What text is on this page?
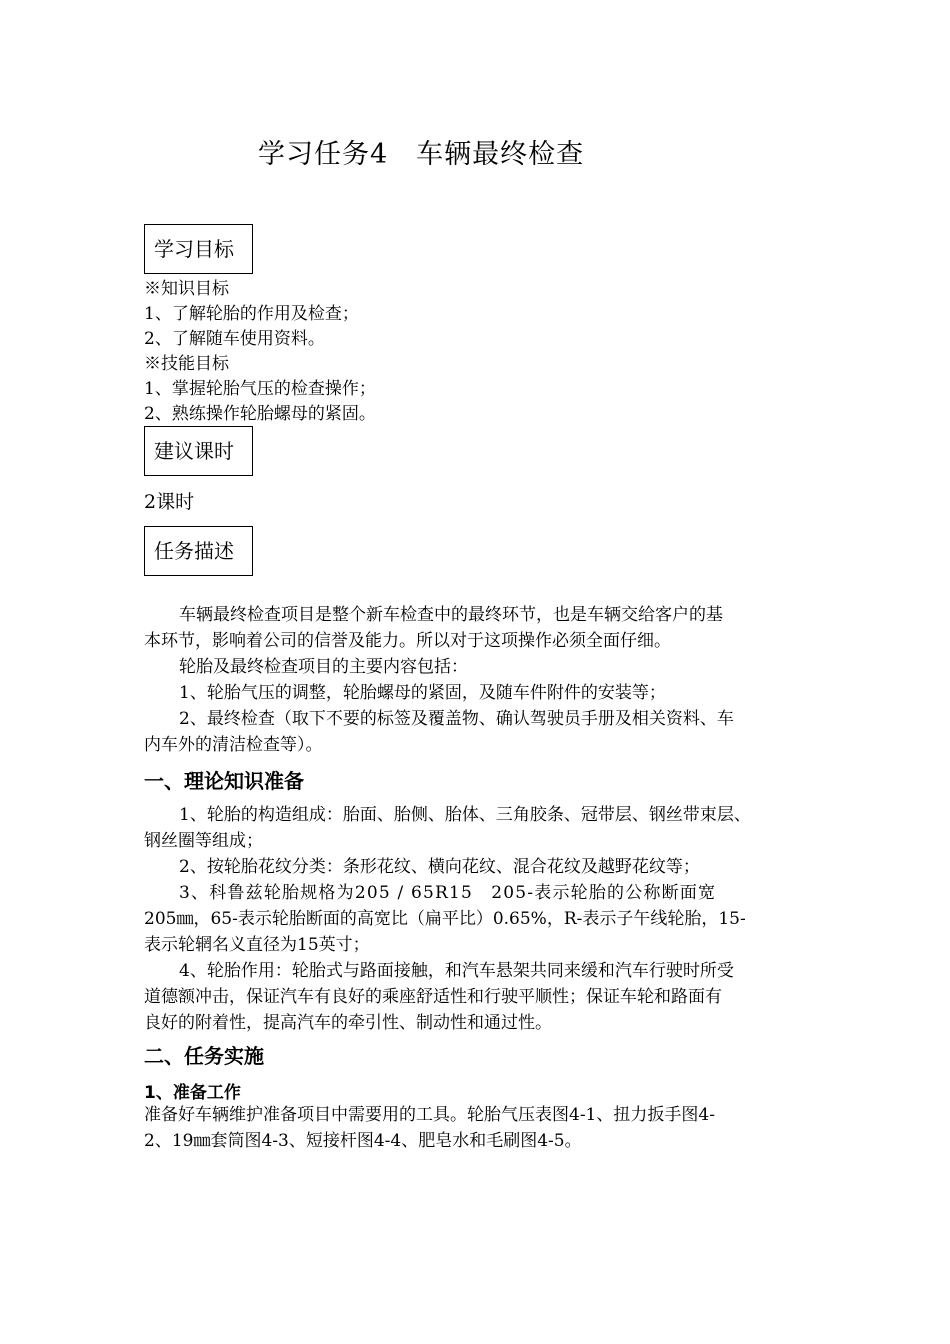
学习任务4　车辆最终检查
学习目标
※知识目标
1、了解轮胎的作用及检查；
2、了解随车使用资料。
※技能目标
1、掌握轮胎气压的检查操作；
2、熟练操作轮胎螺母的紧固。
建议课时
2课时
任务描述
车辆最终检查项目是整个新车检查中的最终环节，也是车辆交给客户的基
本环节，影响着公司的信誉及能力。所以对于这项操作必须全面仔细。
轮胎及最终检查项目的主要内容包括：
1、轮胎气压的调整，轮胎螺母的紧固，及随车件附件的安装等；
2、最终检查（取下不要的标签及覆盖物、确认驾驶员手册及相关资料、车
内车外的清洁检查等）。
一、理论知识准备
1、轮胎的构造组成：胎面、胎侧、胎体、三角胶条、冠带层、钢丝带束层、
钢丝圈等组成；
2、按轮胎花纹分类：条形花纹、横向花纹、混合花纹及越野花纹等；
3、科鲁兹轮胎规格为205 / 65R15　205-表示轮胎的公称断面宽
205㎜，65-表示轮胎断面的高宽比（扁平比）0.65%，R-表示子午线轮胎，15-
表示轮辋名义直径为15英寸；
4、轮胎作用：轮胎式与路面接触，和汽车悬架共同来缓和汽车行驶时所受
道德额冲击，保证汽车有良好的乘座舒适性和行驶平顺性；保证车轮和路面有
良好的附着性，提高汽车的牵引性、制动性和通过性。
二、任务实施
1、准备工作
准备好车辆维护准备项目中需要用的工具。轮胎气压表图4-1、扭力扳手图4-
2、19㎜套筒图4-3、短接杆图4-4、肥皂水和毛刷图4-5。
